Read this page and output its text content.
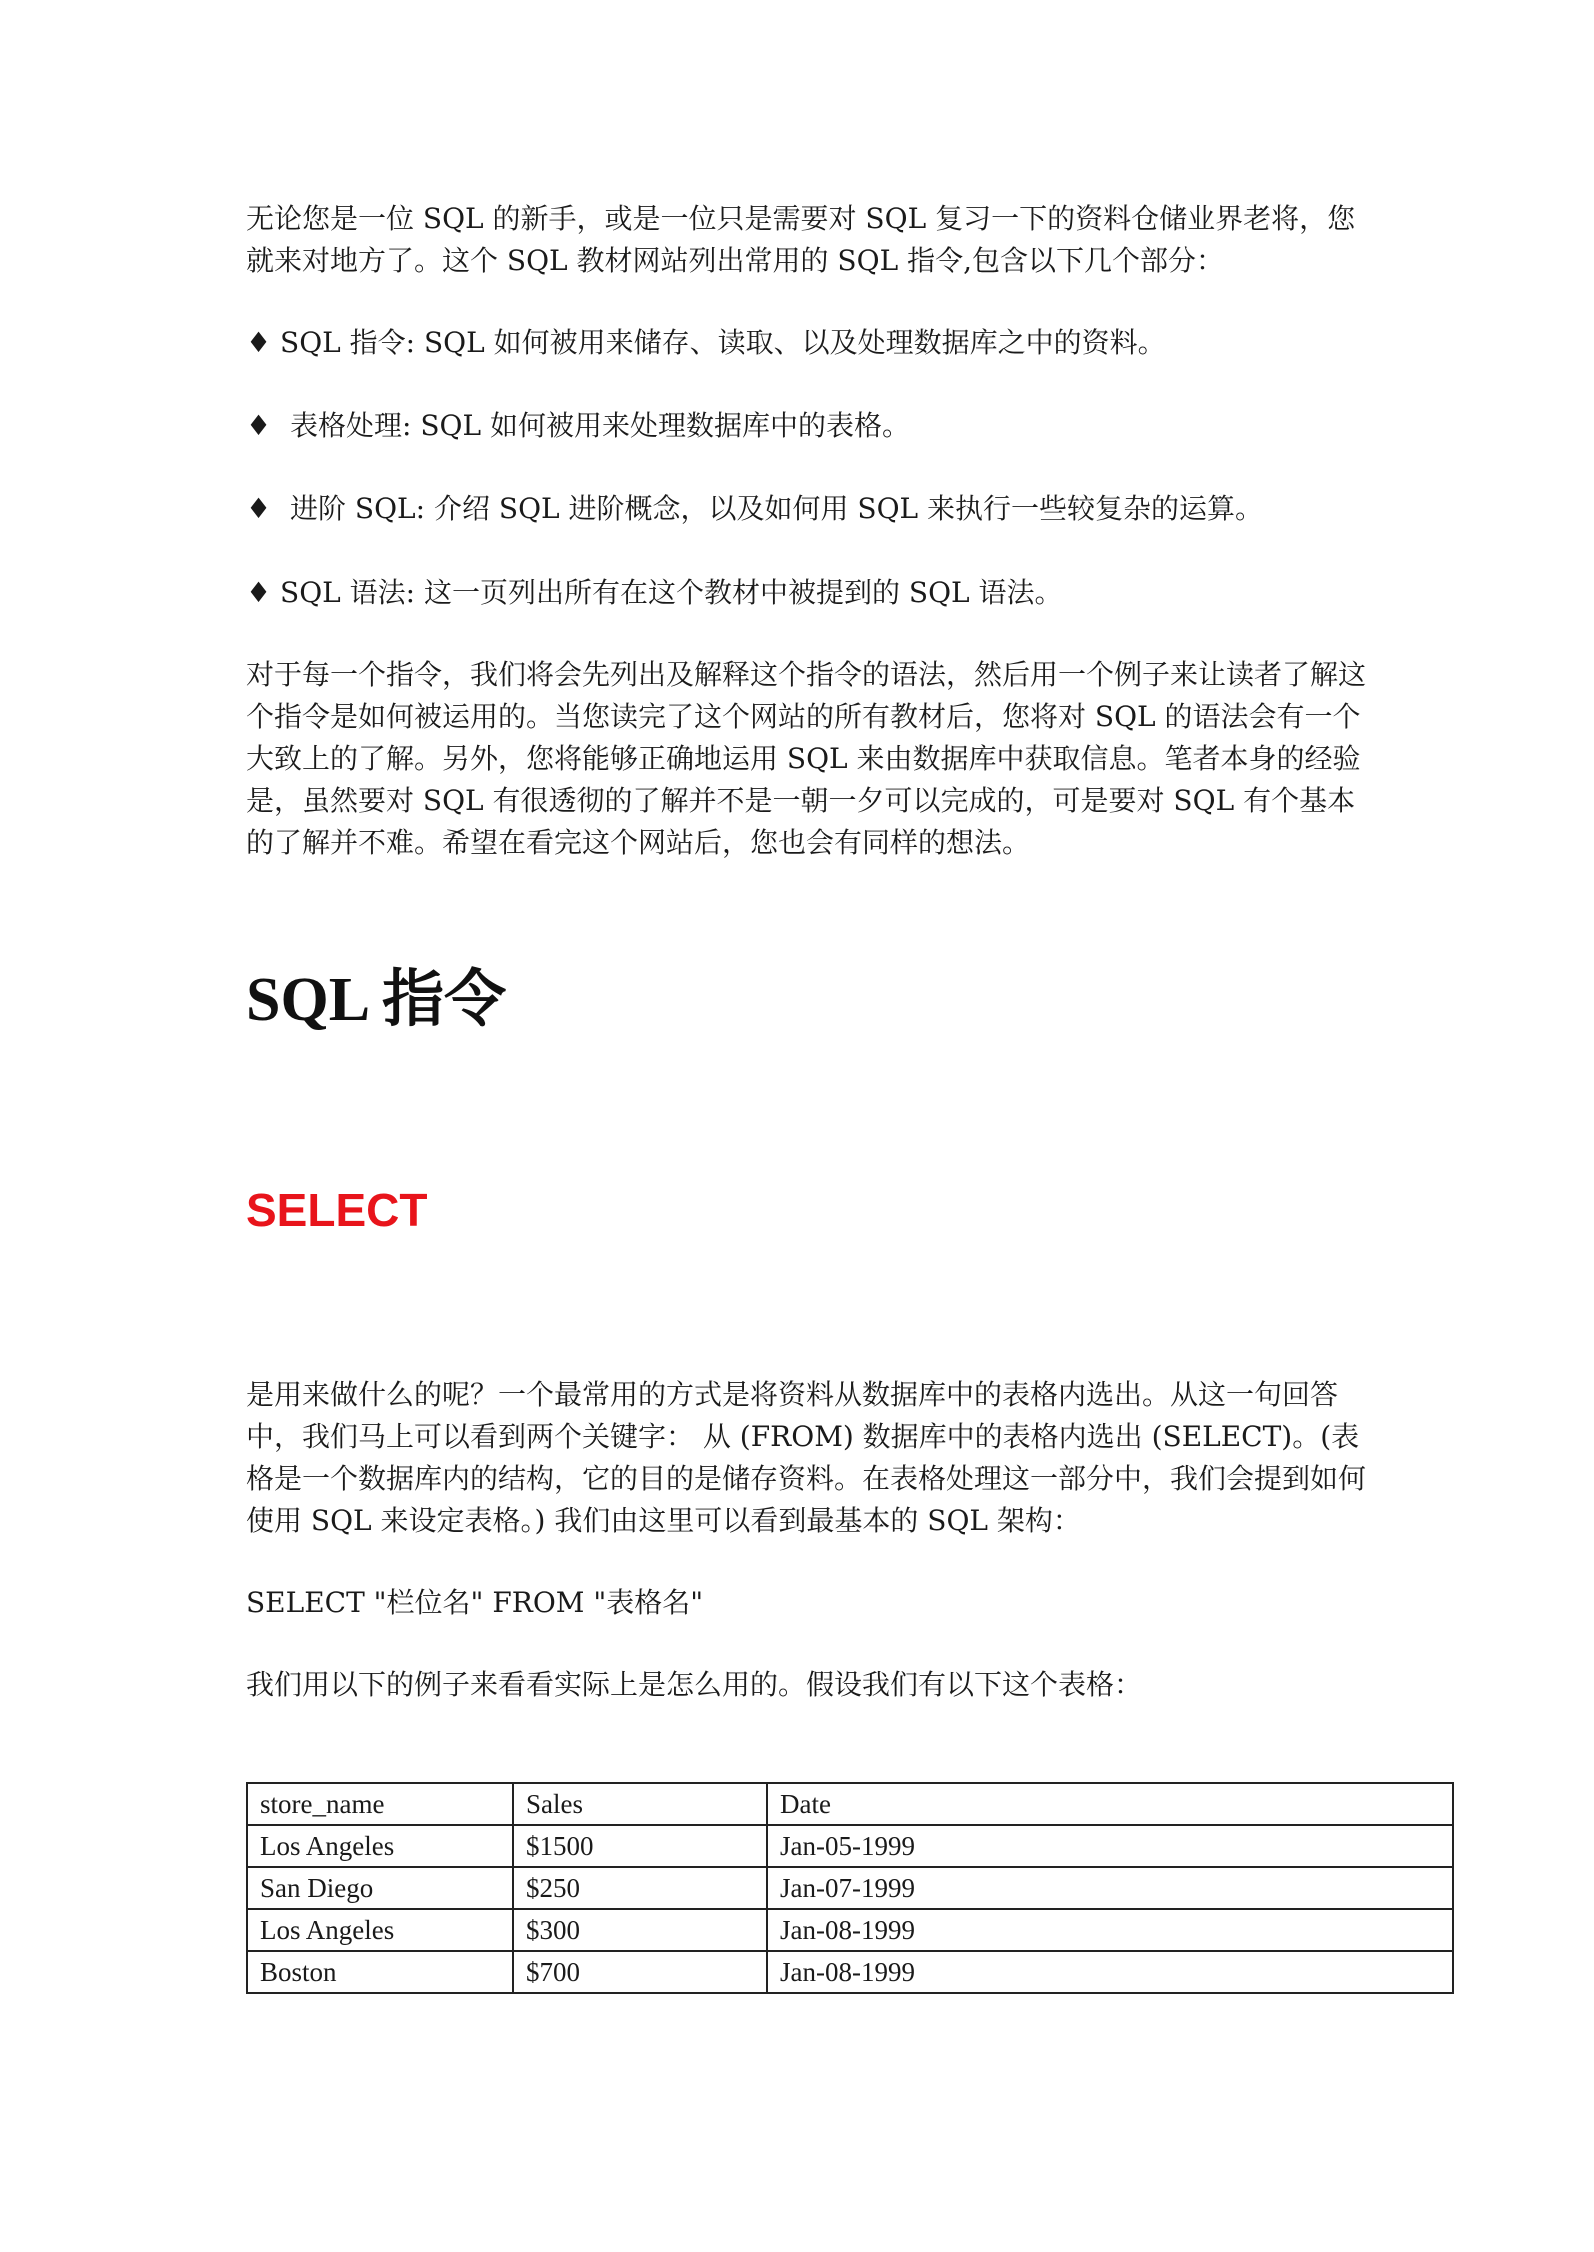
无论您是一位 SQL 的新手，或是一位只是需要对 SQL 复习一下的资料仓储业界老将，您
就来对地方了。这个 SQL 教材网站列出常用的 SQL 指令,包含以下几个部分：

♦ SQL 指令: SQL 如何被用来储存、读取、以及处理数据库之中的资料。

♦ 表格处理: SQL 如何被用来处理数据库中的表格。

♦ 进阶 SQL: 介绍 SQL 进阶概念，以及如何用 SQL 来执行一些较复杂的运算。

♦ SQL 语法: 这一页列出所有在这个教材中被提到的 SQL 语法。

对于每一个指令，我们将会先列出及解释这个指令的语法，然后用一个例子来让读者了解这
个指令是如何被运用的。当您读完了这个网站的所有教材后，您将对 SQL 的语法会有一个
大致上的了解。另外，您将能够正确地运用 SQL 来由数据库中获取信息。笔者本身的经验
是，虽然要对 SQL 有很透彻的了解并不是一朝一夕可以完成的，可是要对 SQL 有个基本
的了解并不难。希望在看完这个网站后，您也会有同样的想法。

SQL 指令
SELECT

是用来做什么的呢？一个最常用的方式是将资料从数据库中的表格内选出。从这一句回答
中，我们马上可以看到两个关键字： 从 (FROM) 数据库中的表格内选出 (SELECT)。(表
格是一个数据库内的结构，它的目的是储存资料。在表格处理这一部分中，我们会提到如何
使用 SQL 来设定表格。) 我们由这里可以看到最基本的 SQL 架构：

SELECT "栏位名" FROM "表格名"

我们用以下的例子来看看实际上是怎么用的。假设我们有以下这个表格：

store_name	Sales	Date
Los Angeles	$1500	Jan-05-1999
San Diego	$250	Jan-07-1999
Los Angeles	$300	Jan-08-1999
Boston	$700	Jan-08-1999
